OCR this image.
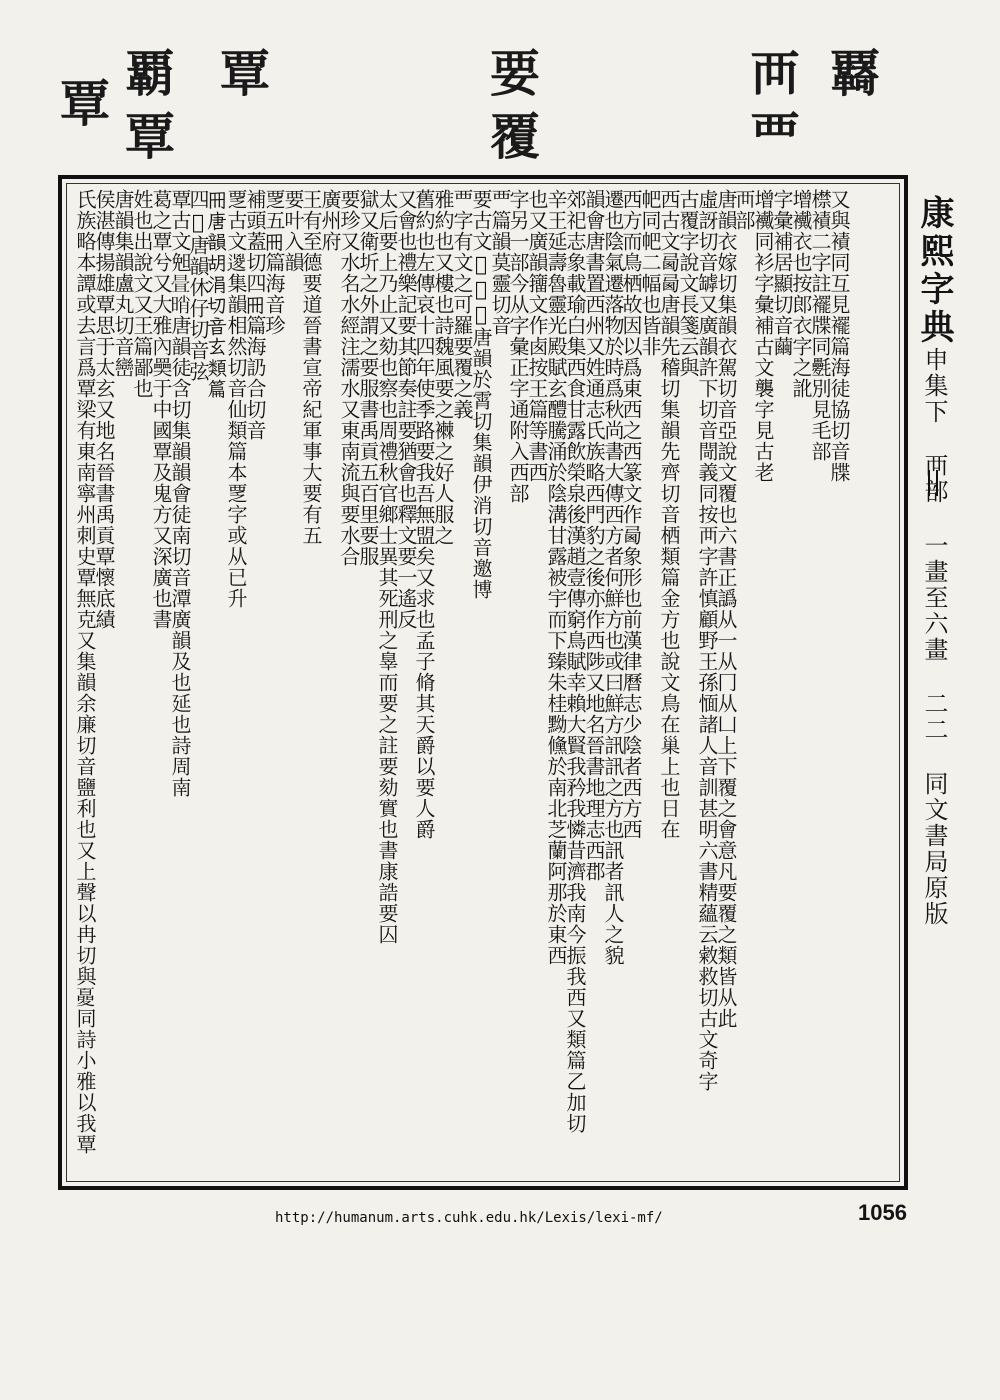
覉
襾
覀
要
覆
覃
覇
覃
覃
又與襀同互見襬篇海徒協切音牒
㯲襀二字註襬牒同氎別見毛部
增襶衣也按郎衣字之訛
字彙補居顯切音繭
增襶同衫字彙補古文襲字見古老
襾部
唐韻衣嫁切集韻衣駕切音亞說文覆也六書正譌从一从冂从凵上下覆之會意凡要覆之類皆从此
虛訝切音罅又廣韻許下切音閜義同按襾字許慎顧野王孫愐諸人音訓甚明六書精蘊云敹救切古文奇字
古覆字說文長箋云與
西古文㢴㢴唐韻先稽切集韻先齊切音栖類篇金方也說文鳥在巢上也日在
帊同帊二幅也皆非
西方而鳥栖故因以爲東西之西篆文作㢴象形也前漢律曆志少陰者西方西
遷也陰氣遷落物於時爲秋尚書大傳西方者何鮮方也或曰鮮方訊訊之方也訊者訊人之貌
韻會唐書置西州又姓通志氏族略西門豹之後亦作西陟又地名晉書地理志西郡
郊祀志象載瑜白集西食甘露飲榮泉後漢趙壹傳窮鳥賦幸賴大賢我矜我憐昔濟我南今振我西又類篇乙加切
辛王延壽魯靈光殿賦玄醴騰涌於陰溝甘露被宇而下臻朱桂黝儵於南北芝蘭阿那於東西
也又廣韻籒文作卥按王篇等書西
字另一部今从字彙正字通附入西部
覀篇韻莫靈切音
要古文𡞋𡝤𡡉唐韻於霄切集韻伊消切音邀博
覀字有文之可羅要覆之義
雅約也又樓也詩魏風要之襋之好人服之
舊約也左傳哀十四年使季路要我吾無盟矣又求也孟子脩其天爵以要人爵
又會也禮樂記要其節奏註要猶會也釋文要一遙反
太后要上乃止又劾也察也周禮秋官鄉士異其死刑之辠而要之註要劾實也書康誥要囚
獄又衛圻之外謂之要服書禹貢五百里要服
要珍又水名水經注濡水又東南流與要水合
廣州府
王有至德要道晉書宣帝紀軍事大要有五
要叶入韻
覂五𠕁篇海音珍
補頭蓋切四𠕁篇海䚮合切音
覂古文𨔩集韻相然切音仙類篇本覂字或从已升
𠕁唐韻胡涓切音玄類篇
四𧟭唐韻休仔切音弦
覃古文𣆶𣆹𣆺唐韻徒含切集韻韻會徒南切音潭廣韻及也延也詩周南
葛之覃兮又大雅內奰于中國覃及鬼方又深廣也書
姓也出說文又王篇鄙也
唐韻集韻盧丸切音巒
侯湛傳揚雄覃思于太玄又地名晉書禹貢覃懷底績
氏族略本譚或去言爲覃梁有東南寧州刺史覃無克又集韻余廉切音鹽利也又上聲以冉切與𡕾同詩小雅以我覃	康熙字典申集下　襾部　一畫至六畫　二二　同文書局原版
http://humanum.arts.cuhk.edu.hk/Lexis/lexi-mf/	1056
